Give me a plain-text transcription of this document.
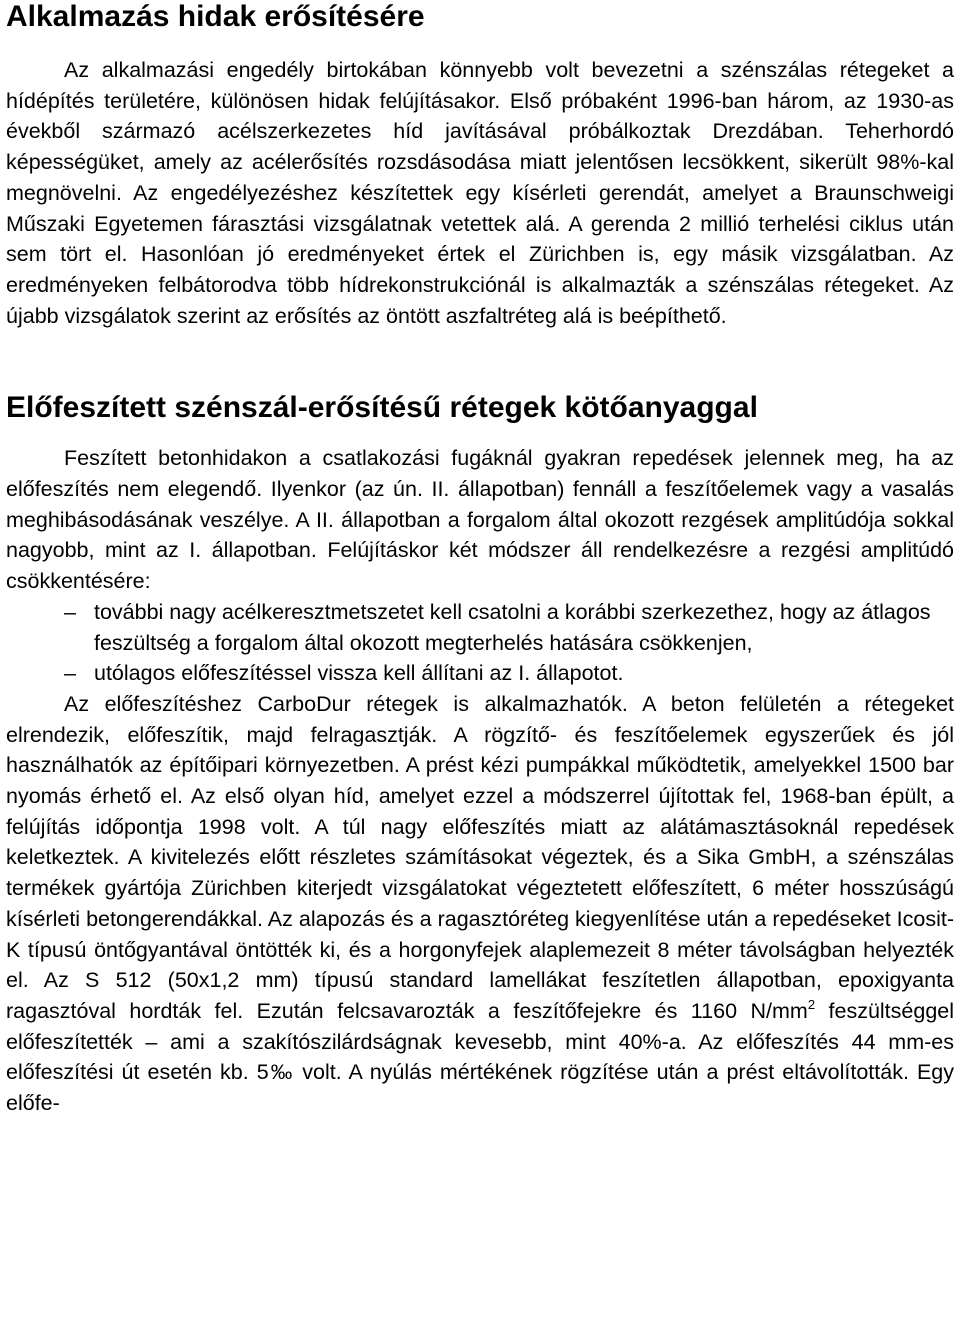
Alkalmazás hidak erősítésére

Az alkalmazási engedély birtokában könnyebb volt bevezetni a szénszálas rétegeket a hídépítés területére, különösen hidak felújításakor. Első próbaként 1996-ban három, az 1930-as évekből származó acélszerkezetes híd javításával próbálkoztak Drezdában. Teherhordó képességüket, amely az acélerősítés rozsdásodása miatt jelentősen lecsökkent, sikerült 98%-kal megnövelni. Az engedélyezéshez készítettek egy kísérleti gerendát, amelyet a Braunschweigi Műszaki Egyetemen fárasztási vizsgálatnak vetettek alá. A gerenda 2 millió terhelési ciklus után sem tört el. Hasonlóan jó eredményeket értek el Zürichben is, egy másik vizsgálatban. Az eredményeken felbátorodva több hídrekonstrukciónál is alkalmazták a szénszálas rétegeket. Az újabb vizsgálatok szerint az erősítés az öntött aszfaltréteg alá is beépíthető.

Előfeszített szénszál-erősítésű rétegek kötőanyaggal

Feszített betonhidakon a csatlakozási fugáknál gyakran repedések jelennek meg, ha az előfeszítés nem elegendő. Ilyenkor (az ún. II. állapotban) fennáll a feszítőelemek vagy a vasalás meghibásodásának veszélye. A II. állapotban a forgalom által okozott rezgések amplitúdója sokkal nagyobb, mint az I. állapotban. Felújításkor két módszer áll rendelkezésre a rezgési amplitúdó csökkentésére:

– további nagy acélkeresztmetszetet kell csatolni a korábbi szerkezethez, hogy az átlagos feszültség a forgalom által okozott megterhelés hatására csökkenjen,
– utólagos előfeszítéssel vissza kell állítani az I. állapotot.

Az előfeszítéshez CarboDur rétegek is alkalmazhatók. A beton felületén a rétegeket elrendezik, előfeszítik, majd felragasztják. A rögzítő- és feszítőelemek egyszerűek és jól használhatók az építőipari környezetben. A prést kézi pumpákkal működtetik, amelyekkel 1500 bar nyomás érhető el. Az első olyan híd, amelyet ezzel a módszerrel újítottak fel, 1968-ban épült, a felújítás időpontja 1998 volt. A túl nagy előfeszítés miatt az alátámasztásoknál repedések keletkeztek. A kivitelezés előtt részletes számításokat végeztek, és a Sika GmbH, a szénszálas termékek gyártója Zürichben kiterjedt vizsgálatokat végeztetett előfeszített, 6 méter hosszúságú kísérleti betongerendákkal. Az alapozás és a ragasztóréteg kiegyenlítése után a repedéseket Icosit-K típusú öntőgyantával öntötték ki, és a horgonyfejek alaplemezeit 8 méter távolságban helyezték el. Az S 512 (50x1,2 mm) típusú standard lamellákat feszítetlen állapotban, epoxigyanta ragasztóval hordták fel. Ezután felcsavarozták a feszítőfejekre és 1160 $N/mm^2$ feszültséggel előfeszítették – ami a szakítószilárdságnak kevesebb, mint 40%-a. Az előfeszítés 44 mm-es előfeszítési út esetén kb. 5‰ volt. A nyúlás mértékének rögzítése után a prést eltávolították. Egy előfe-
